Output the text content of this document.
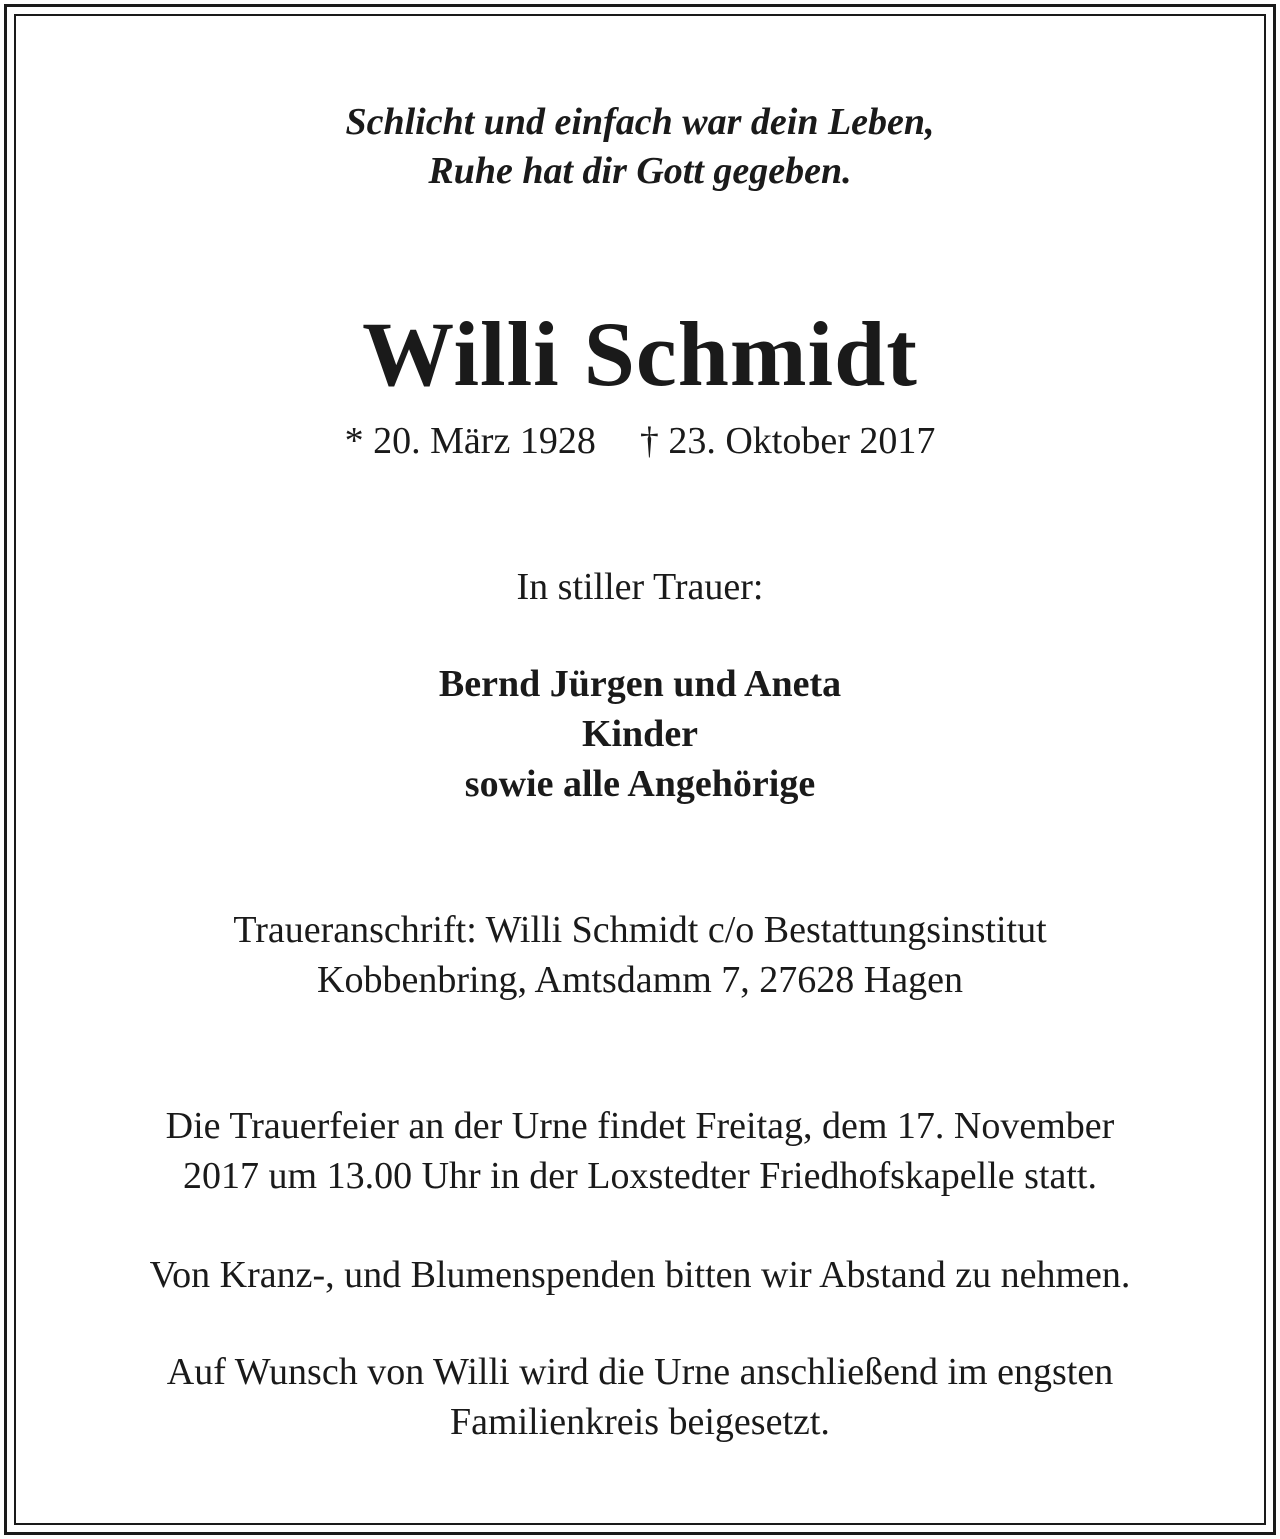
Schlicht und einfach war dein Leben,
Ruhe hat dir Gott gegeben.
Willi Schmidt
* 20. März 1928 † 23. Oktober 2017
In stiller Trauer:
Bernd Jürgen und Aneta
Kinder
sowie alle Angehörige
Traueranschrift: Willi Schmidt c/o Bestattungsinstitut
Kobbenbring, Amtsdamm 7, 27628 Hagen
Die Trauerfeier an der Urne findet Freitag, dem 17. November
2017 um 13.00 Uhr in der Loxstedter Friedhofskapelle statt.
Von Kranz-, und Blumenspenden bitten wir Abstand zu nehmen.
Auf Wunsch von Willi wird die Urne anschließend im engsten
Familienkreis beigesetzt.
